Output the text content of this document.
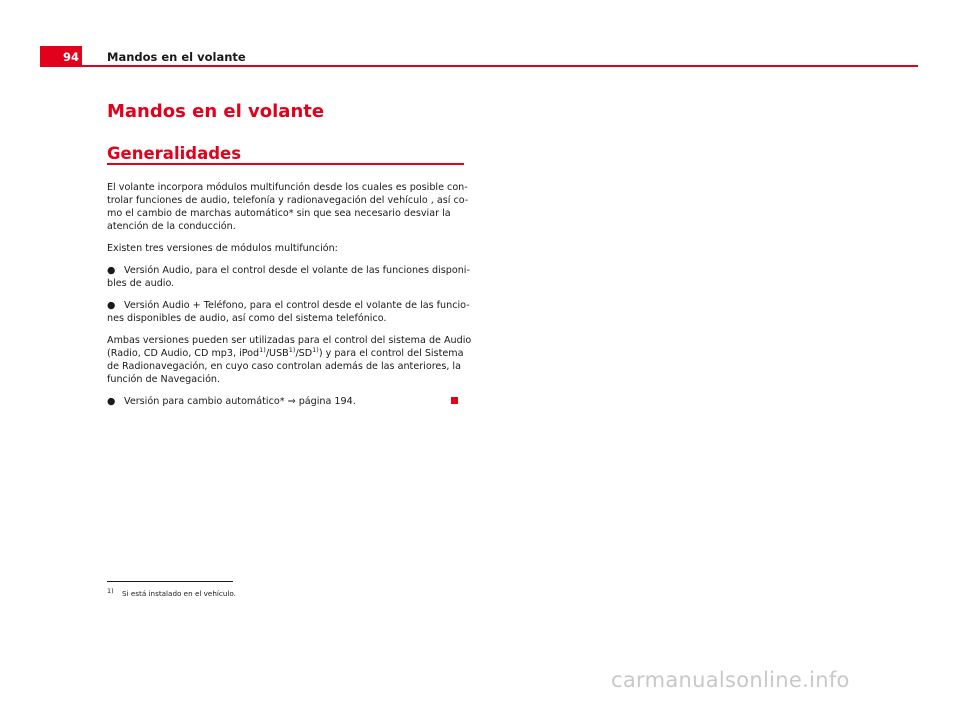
94 Mandos en el volante
Mandos en el volante
Generalidades

El volante incorpora módulos multifunción desde los cuales es posible con-
trolar funciones de audio, telefonía y radionavegación del vehículo , así co-
mo el cambio de marchas automático* sin que sea necesario desviar la
atención de la conducción.

Existen tres versiones de módulos multifunción:

● Versión Audio, para el control desde el volante de las funciones disponi-
bles de audio.

● Versión Audio + Teléfono, para el control desde el volante de las funcio-
nes disponibles de audio, así como del sistema telefónico.

Ambas versiones pueden ser utilizadas para el control del sistema de Audio
(Radio, CD Audio, CD mp3, iPod$^{1)}$/USB$^{1)}$/SD$^{1)}$) y para el control del Sistema
de Radionavegación, en cuyo caso controlan además de las anteriores, la
función de Navegación.

● Versión para cambio automático* ⇒ página 194.

$^{1)}$ Si está instalado en el vehículo.
carmanualsonline.info
